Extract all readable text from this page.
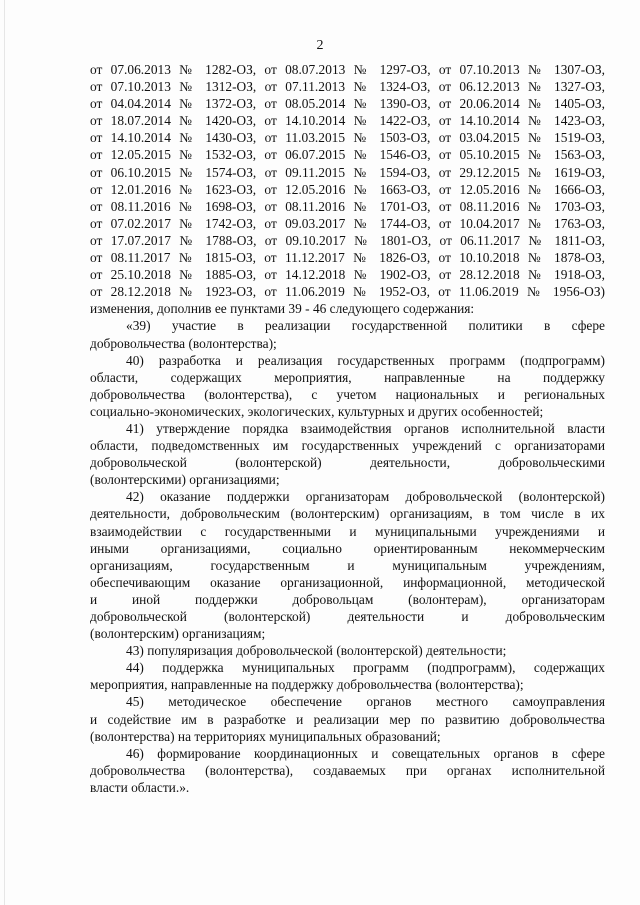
2
от 07.06.2013 № 1282-ОЗ, от 08.07.2013 № 1297-ОЗ, от 07.10.2013 № 1307-ОЗ,
от 07.10.2013 № 1312-ОЗ, от 07.11.2013 № 1324-ОЗ, от 06.12.2013 № 1327-ОЗ,
от 04.04.2014 № 1372-ОЗ, от 08.05.2014 № 1390-ОЗ, от 20.06.2014 № 1405-ОЗ,
от 18.07.2014 № 1420-ОЗ, от 14.10.2014 № 1422-ОЗ, от 14.10.2014 № 1423-ОЗ,
от 14.10.2014 № 1430-ОЗ, от 11.03.2015 № 1503-ОЗ, от 03.04.2015 № 1519-ОЗ,
от 12.05.2015 № 1532-ОЗ, от 06.07.2015 № 1546-ОЗ, от 05.10.2015 № 1563-ОЗ,
от 06.10.2015 № 1574-ОЗ, от 09.11.2015 № 1594-ОЗ, от 29.12.2015 № 1619-ОЗ,
от 12.01.2016 № 1623-ОЗ, от 12.05.2016 № 1663-ОЗ, от 12.05.2016 № 1666-ОЗ,
от 08.11.2016 № 1698-ОЗ, от 08.11.2016 № 1701-ОЗ, от 08.11.2016 № 1703-ОЗ,
от 07.02.2017 № 1742-ОЗ, от 09.03.2017 № 1744-ОЗ, от 10.04.2017 № 1763-ОЗ,
от 17.07.2017 № 1788-ОЗ, от 09.10.2017 № 1801-ОЗ, от 06.11.2017 № 1811-ОЗ,
от 08.11.2017 № 1815-ОЗ, от 11.12.2017 № 1826-ОЗ, от 10.10.2018 № 1878-ОЗ,
от 25.10.2018 № 1885-ОЗ, от 14.12.2018 № 1902-ОЗ, от 28.12.2018 № 1918-ОЗ,
от 28.12.2018 № 1923-ОЗ, от 11.06.2019 № 1952-ОЗ, от 11.06.2019 № 1956-ОЗ)
изменения, дополнив ее пунктами 39 - 46 следующего содержания:
«39) участие в реализации государственной политики в сфере
добровольчества (волонтерства);
40) разработка и реализация государственных программ (подпрограмм)
области, содержащих мероприятия, направленные на поддержку
добровольчества (волонтерства), с учетом национальных и региональных
социально-экономических, экологических, культурных и других особенностей;
41) утверждение порядка взаимодействия органов исполнительной власти
области, подведомственных им государственных учреждений с организаторами
добровольческой (волонтерской) деятельности, добровольческими
(волонтерскими) организациями;
42) оказание поддержки организаторам добровольческой (волонтерской)
деятельности, добровольческим (волонтерским) организациям, в том числе в их
взаимодействии с государственными и муниципальными учреждениями и
иными организациями, социально ориентированным некоммерческим
организациям, государственным и муниципальным учреждениям,
обеспечивающим оказание организационной, информационной, методической
и иной поддержки добровольцам (волонтерам), организаторам
добровольческой (волонтерской) деятельности и добровольческим
(волонтерским) организациям;
43) популяризация добровольческой (волонтерской) деятельности;
44) поддержка муниципальных программ (подпрограмм), содержащих
мероприятия, направленные на поддержку добровольчества (волонтерства);
45) методическое обеспечение органов местного самоуправления
и содействие им в разработке и реализации мер по развитию добровольчества
(волонтерства) на территориях муниципальных образований;
46) формирование координационных и совещательных органов в сфере
добровольчества (волонтерства), создаваемых при органах исполнительной
власти области.».
